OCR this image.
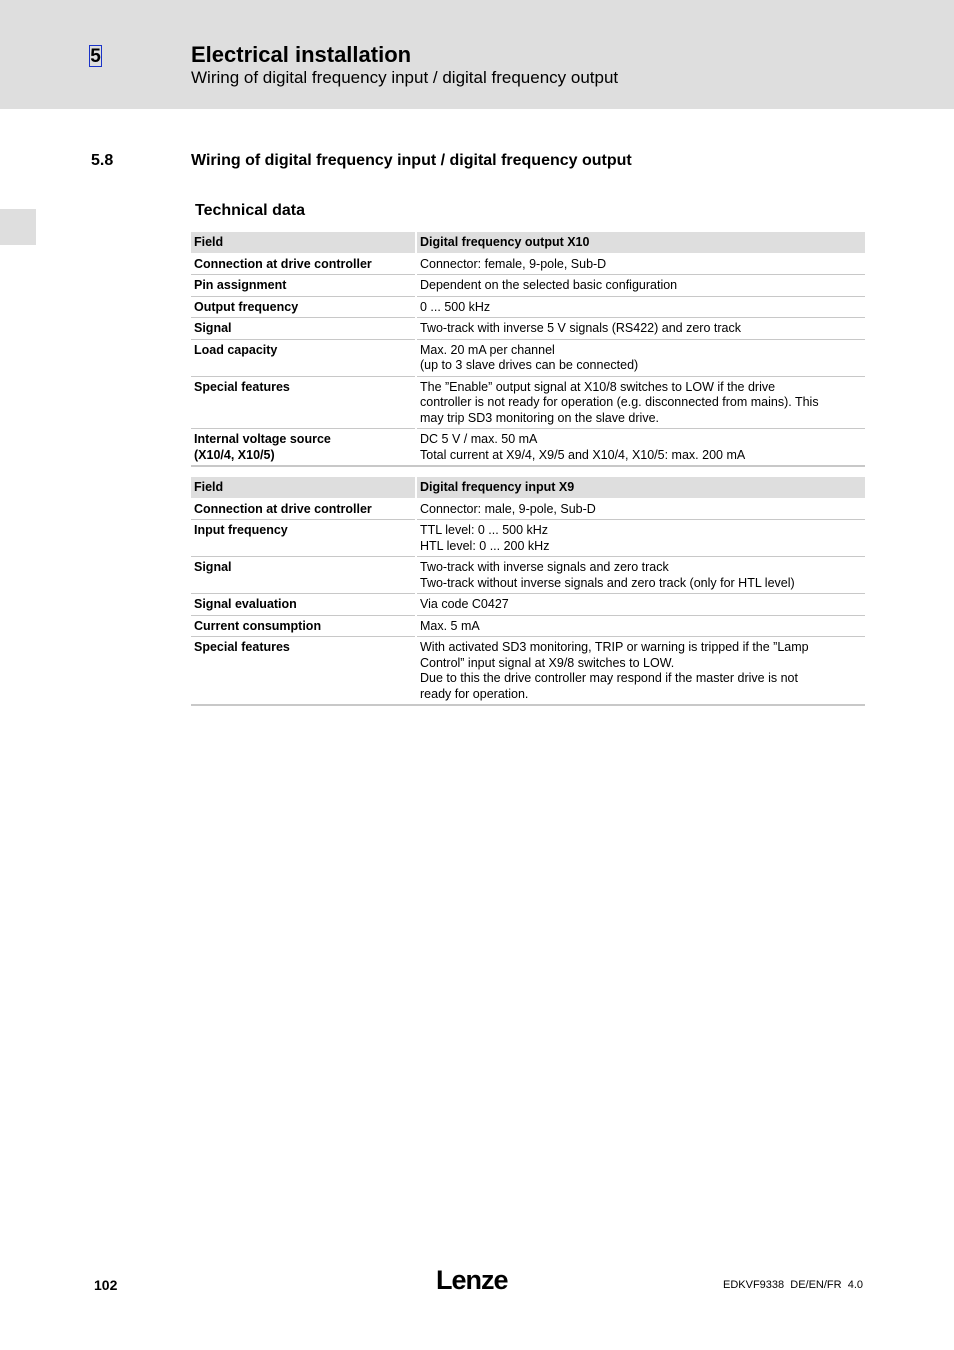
5	Electrical installation
Wiring of digital frequency input / digital frequency output
5.8	Wiring of digital frequency input / digital frequency output
Technical data
Field	Digital frequency output X10

Connection at drive controller	Connector: female, 9-pole, Sub-D

Pin assignment	Dependent on the selected basic configuration

Output frequency	0 ... 500 kHz

Signal	Two-track with inverse 5 V signals (RS422) and zero track

Load capacity	Max. 20 mA per channel
(up to 3 slave drives can be connected)

Special features	The ”Enable” output signal at X10/8 switches to LOW if the drive
controller is not ready for operation (e.g. disconnected from mains). This
may trip SD3 monitoring on the slave drive.

Internal voltage source
(X10/4, X10/5)	DC 5 V / max. 50 mA
Total current at X9/4, X9/5 and X10/4, X10/5: max. 200 mA
Field	Digital frequency input X9

Connection at drive controller	Connector: male, 9-pole, Sub-D

Input frequency	TTL level: 0 ... 500 kHz
HTL level: 0 ... 200 kHz

Signal	Two-track with inverse signals and zero track
Two-track without inverse signals and zero track (only for HTL level)

Signal evaluation	Via code C0427

Current consumption	Max. 5 mA

Special features	With activated SD3 monitoring, TRIP or warning is tripped if the ”Lamp
Control” input signal at X9/8 switches to LOW.
Due to this the drive controller may respond if the master drive is not
ready for operation.
102	Lenze	EDKVF9338  DE/EN/FR  4.0
